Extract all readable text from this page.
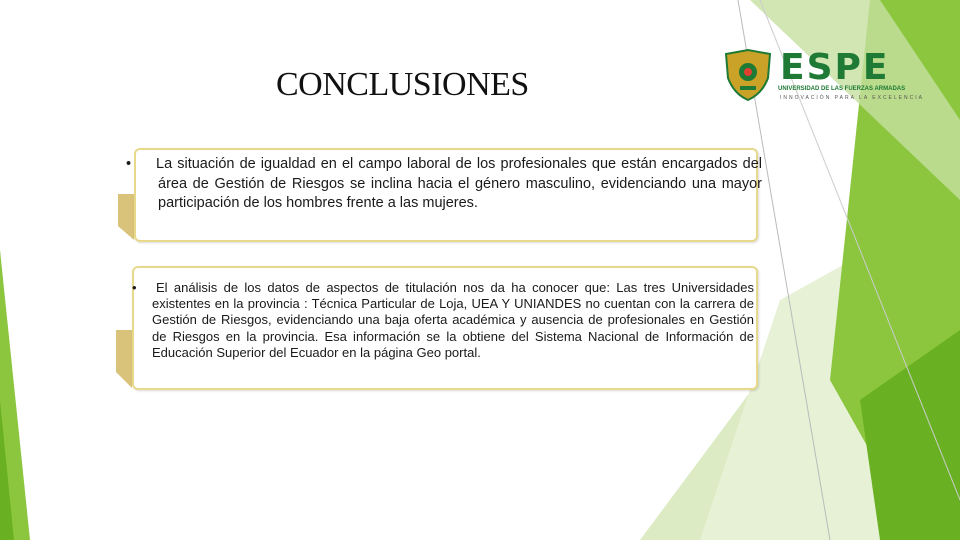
CONCLUSIONES	ESPE
UNIVERSIDAD DE LAS FUERZAS ARMADAS
INNOVACIÓN PARA LA EXCELENCIA
• La situación de igualdad en el campo laboral de los profesionales que están encargados del área de Gestión de Riesgos se inclina hacia el género masculino, evidenciando una mayor participación de los hombres frente a las mujeres.
• El análisis de los datos de aspectos de titulación nos da ha conocer que: Las tres Universidades existentes en la provincia : Técnica Particular de Loja, UEA Y UNIANDES no cuentan con la carrera de Gestión de Riesgos, evidenciando una baja oferta académica y ausencia de profesionales en Gestión de Riesgos en la provincia. Esa información se la obtiene del Sistema Nacional de Información de Educación Superior del Ecuador en la página Geo portal.
